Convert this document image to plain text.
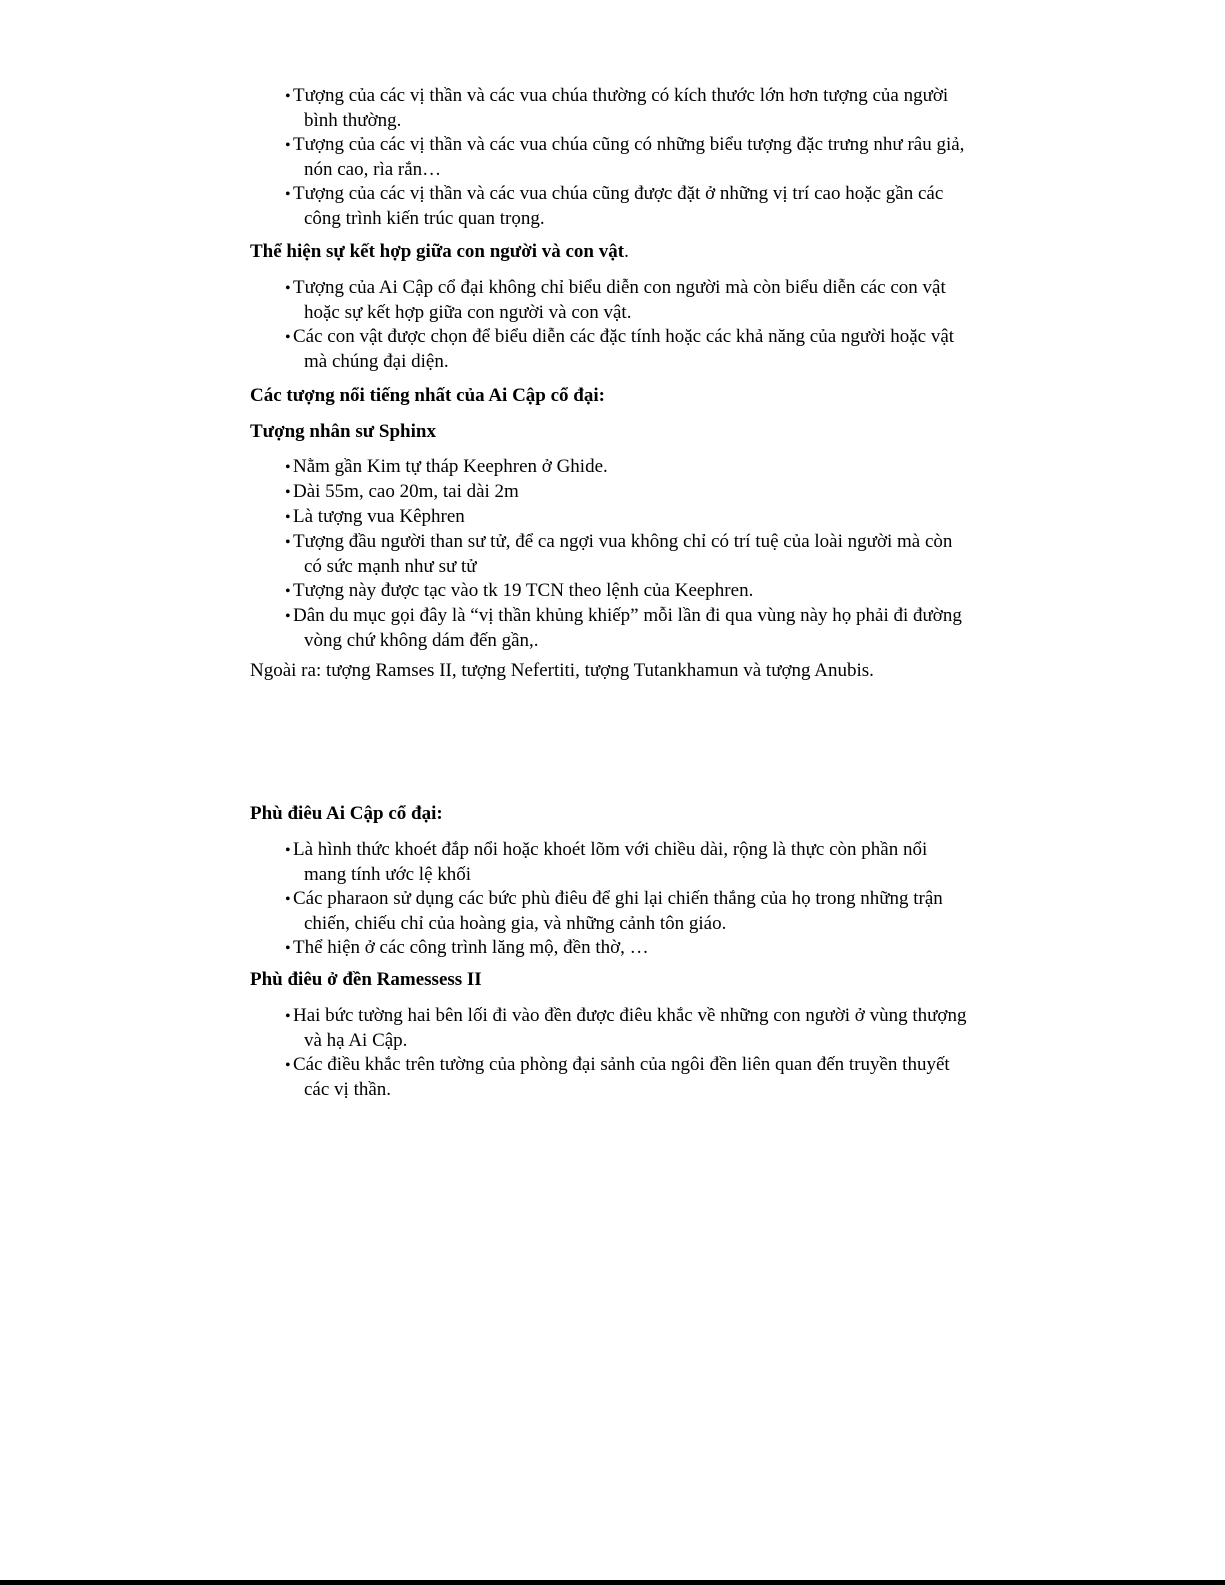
• Tượng của các vị thần và các vua chúa thường có kích thước lớn hơn tượng của người bình thường.
• Tượng của các vị thần và các vua chúa cũng có những biểu tượng đặc trưng như râu giả, nón cao, rìa rắn…
• Tượng của các vị thần và các vua chúa cũng được đặt ở những vị trí cao hoặc gần các công trình kiến trúc quan trọng.

Thể hiện sự kết hợp giữa con người và con vật.

• Tượng của Ai Cập cổ đại không chỉ biểu diễn con người mà còn biểu diễn các con vật hoặc sự kết hợp giữa con người và con vật.
• Các con vật được chọn để biểu diễn các đặc tính hoặc các khả năng của người hoặc vật mà chúng đại diện.

Các tượng nổi tiếng nhất của Ai Cập cổ đại:

Tượng nhân sư Sphinx

• Nằm gần Kim tự tháp Keephren ở Ghide.
• Dài 55m, cao 20m, tai dài 2m
• Là tượng vua Kêphren
• Tượng đầu người than sư tử, để ca ngợi vua không chỉ có trí tuệ của loài người mà còn có sức mạnh như sư tử
• Tượng này được tạc vào tk 19 TCN theo lệnh của Keephren.
• Dân du mục gọi đây là “vị thần khủng khiếp” mỗi lần đi qua vùng này họ phải đi đường vòng chứ không dám đến gần,.

Ngoài ra: tượng Ramses II, tượng Nefertiti, tượng Tutankhamun và tượng Anubis.

Phù điêu Ai Cập cổ đại:

• Là hình thức khoét đắp nổi hoặc khoét lõm với chiều dài, rộng là thực còn phần nổi mang tính ước lệ khối
• Các pharaon sử dụng các bức phù điêu để ghi lại chiến thắng của họ trong những trận chiến, chiếu chỉ của hoàng gia, và những cảnh tôn giáo.
• Thể hiện ở các công trình lăng mộ, đền thờ, …

Phù điêu ở đền Ramessess II

• Hai bức tường hai bên lối đi vào đền được điêu khắc về những con người ở vùng thượng và hạ Ai Cập.
• Các điều khắc trên tường của phòng đại sảnh của ngôi đền liên quan đến truyền thuyết các vị thần.
